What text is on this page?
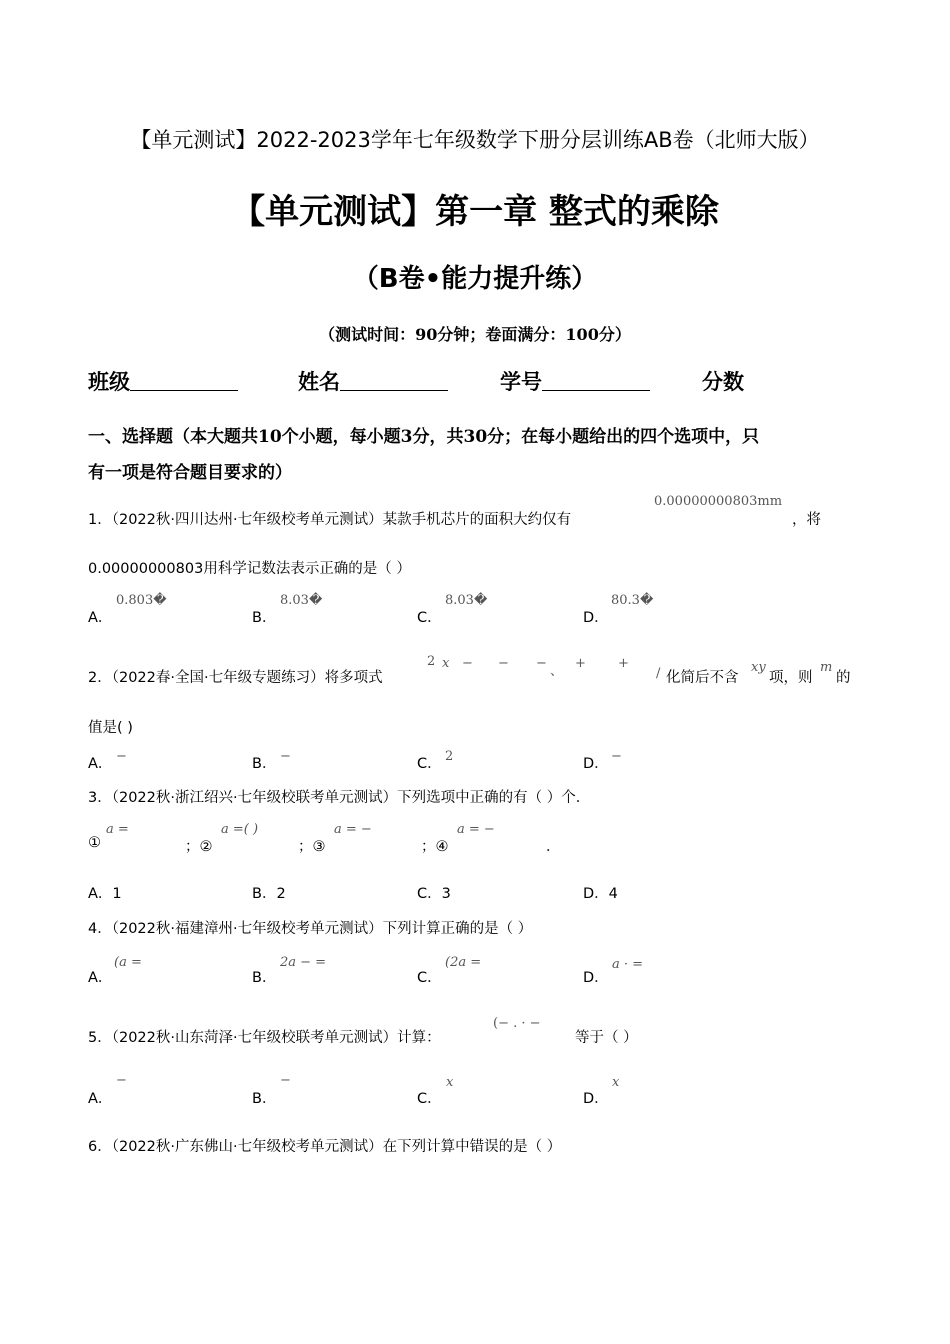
【单元测试】2022-2023学年七年级数学下册分层训练AB卷（北师大版）
【单元测试】第一章 整式的乘除
（B卷•能力提升练）
（测试时间：90分钟；卷面满分：100分）
班级	姓名	学号	分数
一、选择题（本大题共10个小题，每小题3分，共30分；在每小题给出的四个选项中，只
有一项是符合题目要求的）
1．（2022秋·四川达州·七年级校考单元测试）某款手机芯片的面积大约仅有
0.00000000803mm
，将
0.00000000803用科学记数法表示正确的是（ ）
A．
0.803�
B．
8.03�
C．
8.03�
D．
80.3�
2．（2022春·全国·七年级专题练习）将多项式
2 x − − −
、
+ +
/ 化简后不含
xy
项，则
m
的
值是( )
A． −	B． −	C． 2	D． −
3．（2022秋·浙江绍兴·七年级校联考单元测试）下列选项中正确的有（ ）个．
①
a =
；②
a =( )
；③
a = −
；④
a = −
．
A．1	B．2	C．3	D．4
4．（2022秋·福建漳州·七年级校考单元测试）下列计算正确的是（ ）
A．
(a =
B．
2a − =
C．
(2a =
D．
a · =
5．（2022秋·山东菏泽·七年级校联考单元测试）计算：
(− . · −
等于（ ）
A．
−
B．
−
C．
x
D．
x
6．（2022秋·广东佛山·七年级校考单元测试）在下列计算中错误的是（ ）
